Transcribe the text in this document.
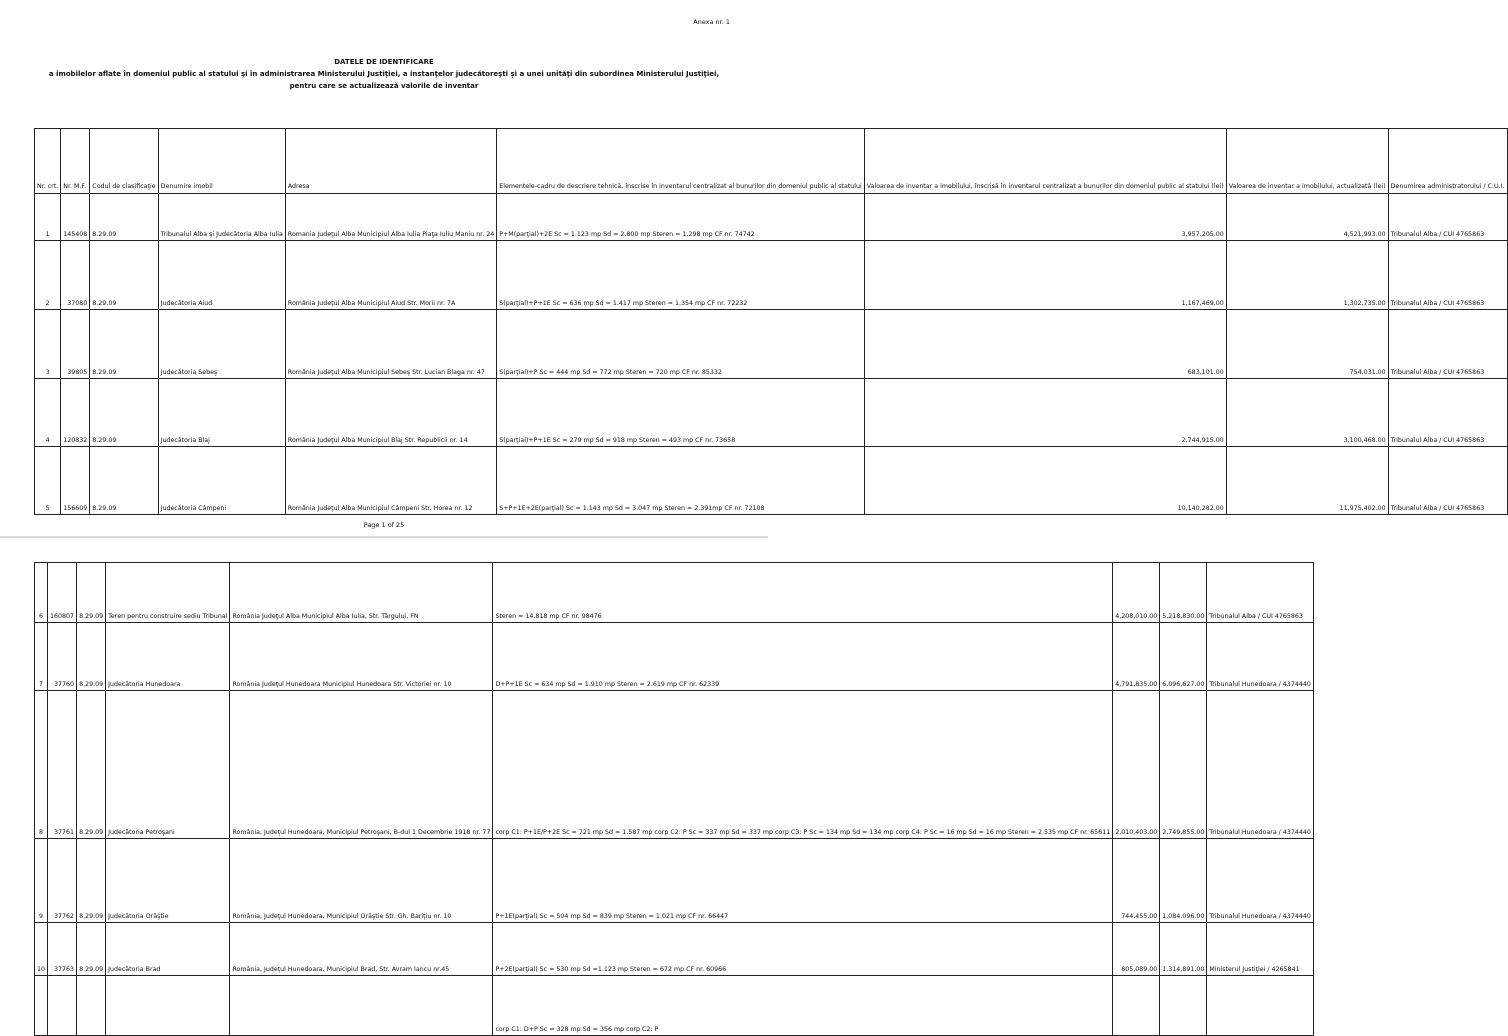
Anexa nr. 1
DATELE DE IDENTIFICARE
a imobilelor aflate în domeniul public al statului şi în administrarea Ministerului Justiţiei, a instanţelor judecătoreşti şi a unei unităţi din subordinea Ministerului Justiţiei,
pentru care se actualizează valorile de inventar
Nr. crt.	Nr. M.F.	Codul de clasificaţie	Denumire imobil	Adresa	Elementele-cadru de descriere tehnică, înscrise în inventarul centralizat al bunurilor din domeniul public al statului	Valoarea de inventar a imobilului, înscrisă în inventarul centralizat a bunurilor din domeniul public al statului (lei)	Valoarea de inventar a imobilului, actualizată (lei)	Denumirea administratorului / C.U.I.
1	145408	8.29.09	Tribunalul Alba şi Judecătoria Alba Iulia	Romania Judeţul Alba Municipiul Alba Iulia Piaţa Iuliu Maniu nr. 24	P+M(parţial)+2E Sc = 1.123 mp Sd = 2.800 mp Steren = 1.298 mp CF nr. 74742	3,957,205.00	4,521,993.00	Tribunalul Alba / CUI 4765863
2	37080	8.29.09	Judecătoria Aiud	România Judeţul Alba Municipiul Aiud Str. Morii nr. 7A	S(parţial)+P+1E Sc = 636 mp Sd = 1.417 mp Steren = 1.354 mp CF nr. 72232	1,167,469.00	1,302,735.00	Tribunalul Alba / CUI 4765863
3	39805	8.29.09	Judecătoria Sebeş	România Judeţul Alba Municipiul Sebeş Str. Lucian Blaga nr. 47	S(parţial)+P Sc = 444 mp Sd = 772 mp Steren = 720 mp CF nr. 85332	683,101.00	754,031.00	Tribunalul Alba / CUI 4765863
4	120832	8.29.09	Judecătoria Blaj	România Judeţul Alba Municipiul Blaj Str. Republicii nr. 14	S(parţial)+P+1E Sc = 279 mp Sd = 918 mp Steren = 493 mp CF nr. 73658	2,744,915.00	3,100,468.00	Tribunalul Alba / CUI 4765863
5	156609	8.29.09	Judecătoria Câmpeni	România Judeţul Alba Municipiul Câmpeni Str. Horea nr. 12	S+P+1E+2E(parţial) Sc = 1.143 mp Sd = 3.047 mp Steren = 2.391mp CF nr. 72108	10,140,282.00	11,975,402.00	Tribunalul Alba / CUI 4765863
Page 1 of 25
6	160807	8.29.09	Teren pentru construire sediu Tribunal	România Judeţul Alba Municipiul Alba Iulia, Str. Târgului, FN	Steren = 14.818 mp CF nr. 98476	4,208,010.00	5,218,830.00	Tribunalul Alba / CUI 4765863
7	37760	8.29.09	Judecătoria Hunedoara	România Judeţul Hunedoara Municipiul Hunedoara Str. Victoriei nr. 10	D+P+1E Sc = 634 mp Sd = 1.910 mp Steren = 2.619 mp CF nr. 62339	4,791,835.00	6,096,627.00	Tribunalul Hunedoara / 4374440
8	37761	8.29.09	Judecătoria Petroşani	România, Judeţul Hunedoara, Municipiul Petroşani, B-dul 1 Decembrie 1918 nr. 77	corp C1: P+1E/P+2E Sc = 721 mp Sd = 1.587 mp corp C2: P Sc = 337 mp Sd = 337 mp corp C3: P Sc = 134 mp Sd = 134 mp corp C4: P Sc = 16 mp Sd = 16 mp Steren = 2.535 mp CF nr. 65611	2,010,403.00	2,749,855.00	Tribunalul Hunedoara / 4374440
9	37762	8.29.09	Judecătoria Orăştie	România, Judeţul Hunedoara, Municipiul Orăştie Str. Gh. Bariţiu nr. 10	P+1E(parţial) Sc = 504 mp Sd = 839 mp Steren = 1.021 mp CF nr. 66447	744,455.00	1,084,096.00	Tribunalul Hunedoara / 4374440
10	37763	8.29.09	Judecătoria Brad	România, Judeţul Hunedoara, Municipiul Brad, Str. Avram Iancu nr.45	P+2E(parţial) Sc = 530 mp Sd =1.123 mp Steren = 672 mp CF nr. 60966	805,089.00	1,314,891.00	Ministerul Justiţiei / 4265841
					corp C1: D+P Sc = 328 mp Sd = 356 mp corp C2: P			
